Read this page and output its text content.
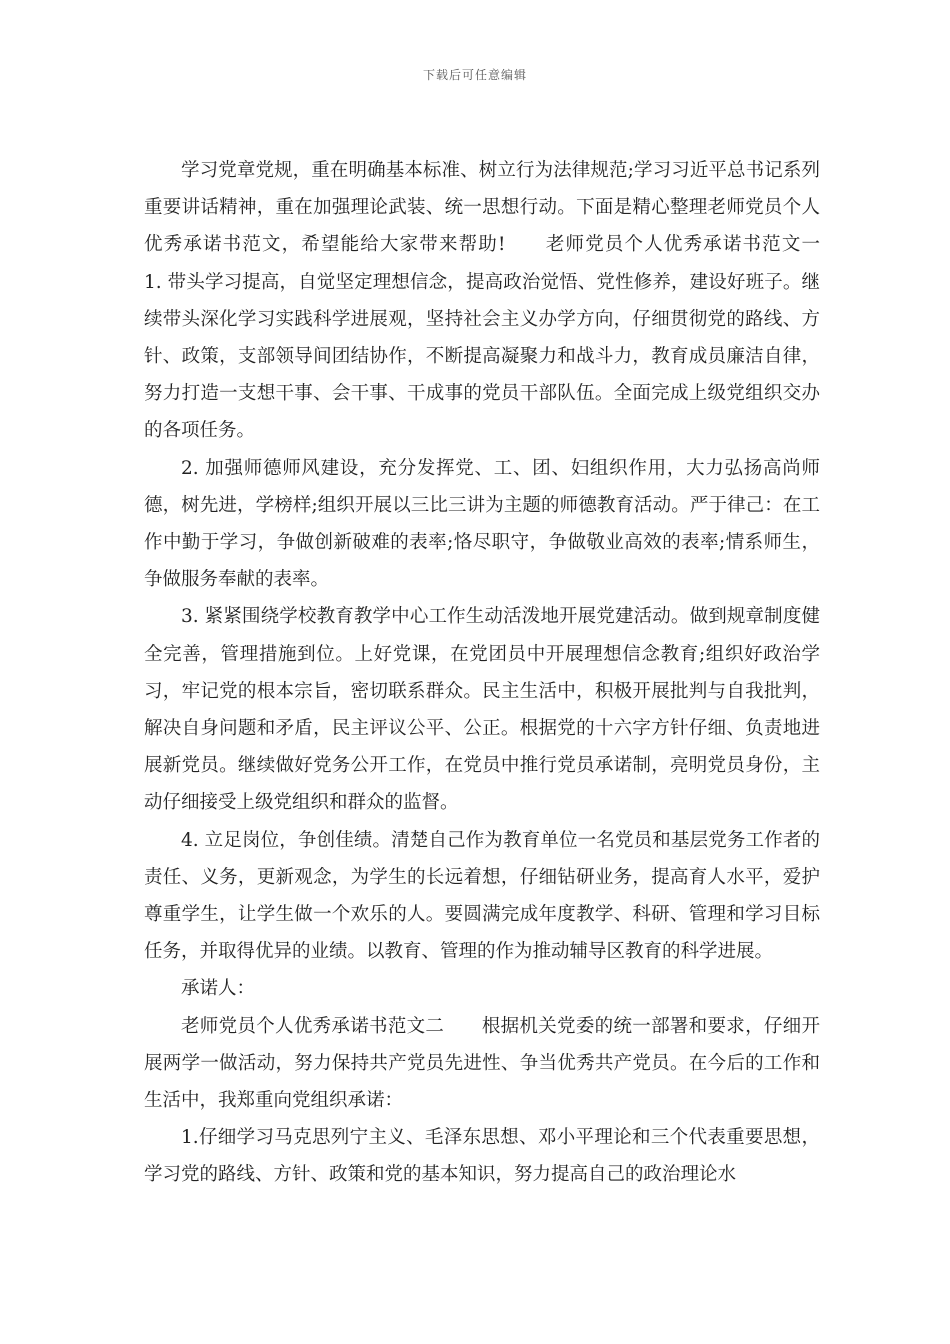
下载后可任意编辑

学习党章党规，重在明确基本标准、树立行为法律规范;学习习近平总书记系列重要讲话精神，重在加强理论武装、统一思想行动。下面是精心整理老师党员个人优秀承诺书范文，希望能给大家带来帮助!　　老师党员个人优秀承诺书范文一　　1. 带头学习提高，自觉坚定理想信念，提高政治觉悟、党性修养，建设好班子。继续带头深化学习实践科学进展观，坚持社会主义办学方向，仔细贯彻党的路线、方针、政策，支部领导间团结协作，不断提高凝聚力和战斗力，教育成员廉洁自律，努力打造一支想干事、会干事、干成事的党员干部队伍。全面完成上级党组织交办的各项任务。

2. 加强师德师风建设，充分发挥党、工、团、妇组织作用，大力弘扬高尚师德，树先进，学榜样;组织开展以三比三讲为主题的师德教育活动。严于律己：在工作中勤于学习，争做创新破难的表率;恪尽职守，争做敬业高效的表率;情系师生，争做服务奉献的表率。

3. 紧紧围绕学校教育教学中心工作生动活泼地开展党建活动。做到规章制度健全完善，管理措施到位。上好党课，在党团员中开展理想信念教育;组织好政治学习，牢记党的根本宗旨，密切联系群众。民主生活中，积极开展批判与自我批判，解决自身问题和矛盾，民主评议公平、公正。根据党的十六字方针仔细、负责地进展新党员。继续做好党务公开工作，在党员中推行党员承诺制，亮明党员身份，主动仔细接受上级党组织和群众的监督。

4. 立足岗位，争创佳绩。清楚自己作为教育单位一名党员和基层党务工作者的责任、义务，更新观念，为学生的长远着想，仔细钻研业务，提高育人水平，爱护尊重学生，让学生做一个欢乐的人。要圆满完成年度教学、科研、管理和学习目标任务，并取得优异的业绩。以教育、管理的作为推动辅导区教育的科学进展。

承诺人：

老师党员个人优秀承诺书范文二　　根据机关党委的统一部署和要求，仔细开展两学一做活动，努力保持共产党员先进性、争当优秀共产党员。在今后的工作和生活中，我郑重向党组织承诺：

1.仔细学习马克思列宁主义、毛泽东思想、邓小平理论和三个代表重要思想，学习党的路线、方针、政策和党的基本知识，努力提高自己的政治理论水
